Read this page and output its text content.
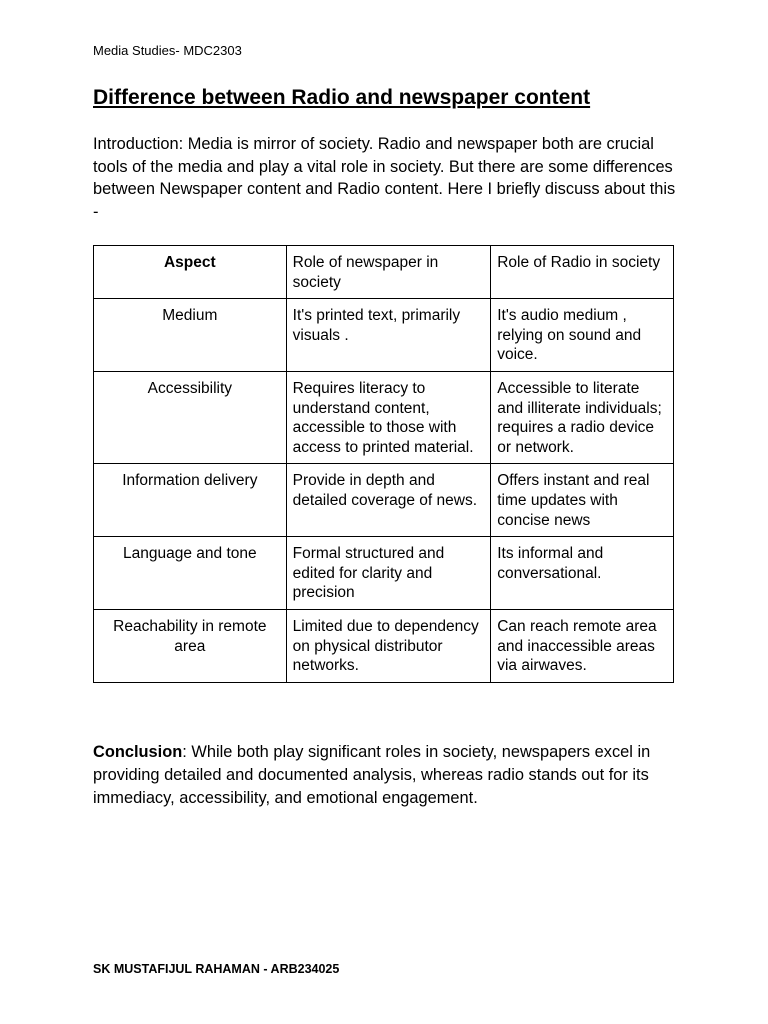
Media Studies- MDC2303
Difference between Radio and newspaper content

Introduction: Media is mirror of society. Radio and newspaper both are crucial tools of the media and play a vital role in society. But there are some differences between Newspaper content and Radio content. Here I briefly discuss about this -

Aspect	Role of newspaper in society	Role of Radio in society
Medium	It's printed text, primarily visuals .	It's audio medium , relying on sound and voice.
Accessibility	Requires literacy to understand content, accessible to those with access to printed material.	Accessible to literate and illiterate individuals; requires a radio device or network.
Information delivery	Provide in depth and detailed coverage of news.	Offers instant and real time updates with concise news
Language and tone	Formal structured and edited for clarity and precision	Its informal and conversational.
Reachability in remote area	Limited due to dependency on physical distributor networks.	Can reach remote area and inaccessible areas via airwaves.

Conclusion: While both play significant roles in society, newspapers excel in providing detailed and documented analysis, whereas radio stands out for its immediacy, accessibility, and emotional engagement.

SK MUSTAFIJUL RAHAMAN - ARB234025
